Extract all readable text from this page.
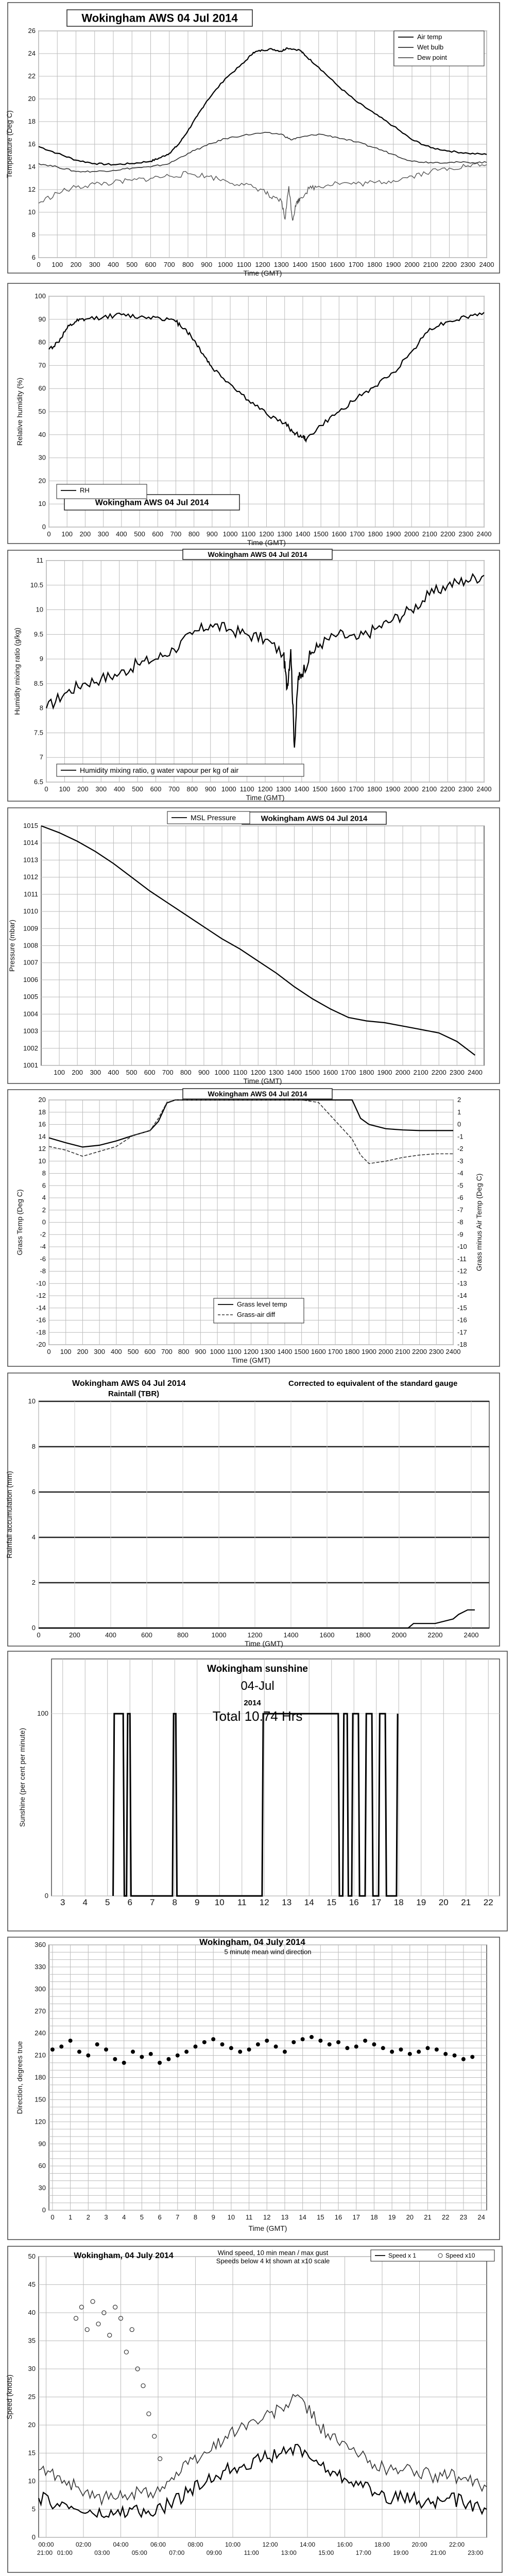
6
8
10
12
14
16
18
20
22
24
26
0 100 200 300 400 500 600 700 800 900 1000 1100 1200 1300 1400 1500 1600 1700 1800 1900 2000 2100 2200 2300 2400
Wokingham AWS 04 Jul 2014
Air temp
Wet bulb
Dew point
Time (GMT)
Temperature (Deg C)
0
10
20
30
40
50
60
70
80
90
100
0 100 200 300 400 500 600 700 800 900 1000 1100 1200 1300 1400 1500 1600 1700 1800 1900 2000 2100 2200 2300 2400
Wokingham AWS 04 Jul 2014
RH
Time (GMT)
Relative humidity (%)
6.5
7
7.5
8
8.5
9
9.5
10
10.5
11
0 100 200 300 400 500 600 700 800 900 1000 1100 1200 1300 1400 1500 1600 1700 1800 1900 2000 2100 2200 2300 2400
Wokingham AWS 04 Jul 2014
Humidity mixing ratio, g water vapour per kg of air
Time (GMT)
Humidity mixing ratio (g/kg)
1001
1002
1003
1004
1005
1006
1007
1008
1009
1010
1011
1012
1013
1014
1015
100 200 300 400 500 600 700 800 900 1000 1100 1200 1300 1400 1500 1600 1700 1800 1900 2000 2100 2200 2300 2400
Wokingham AWS 04 Jul 2014
MSL Pressure
Time (GMT)
Pressure (mbar)
-20
-18
-16
-14
-12
-10
-8
-6
-4
-2
0
2
4
6
8
10
12
14
16
18
20
0 100 200 300 400 500 600 700 800 900 1000 1100 1200 1300 1400 1500 1600 1700 1800 1900 2000 2100 2200 2300 2400
-18
-17
-16
-15
-14
-13
-12
-11
-10
-9
-8
-7
-6
-5
-4
-3
-2
-1
0
1
2
Wokingham AWS 04 Jul 2014
Grass level temp
Grass-air diff
Time (GMT)
Grass Temp (Deg C)	Grass minus Air Temp (Deg C)
0
2
4
6
8
10
0	200	400	600	800	1000	1200	1400	1600	1800	2000	2200	2400
Wokingham AWS 04 Jul 2014
Raintall (TBR)
Corrected to equivalent of the standard gauge
Time (GMT)
Rainfall accumulation (mm)
0
100
3 4 5 6 7 8 9 10 11 12 13 14 15 16 17 18 19 20 21 22
Wokingham sunshine
04-Jul
2014
Total 10.74 Hrs
Sunshine (per cent per minute)
0
30
60
90
120
150
180
210
240
270
300
330
360
0 1 2 3 4 5 6 7 8 9 10 11 12 13 14 15 16 17 18 19 20 21 22 23 24
Wokingham, 04 July 2014
5 minute mean wind direction
Time (GMT)
Direction, degrees true
0
5
10
15
20
25
30
35
40
45
50
00:00	02:00	04:00	06:00	08:00	10:00	12:00	14:00	16:00	18:00	20:00	22:00
21:00 01:00	03:00	05:00	07:00	09:00	11:00	13:00	15:00	17:00	19:00	21:00	23:00
Wokingham, 04 July 2014	Wind speed, 10 min mean / max gust
Speeds below 4 kt shown at x10 scale
Speed x 1	Speed x10
Speed (knots)
